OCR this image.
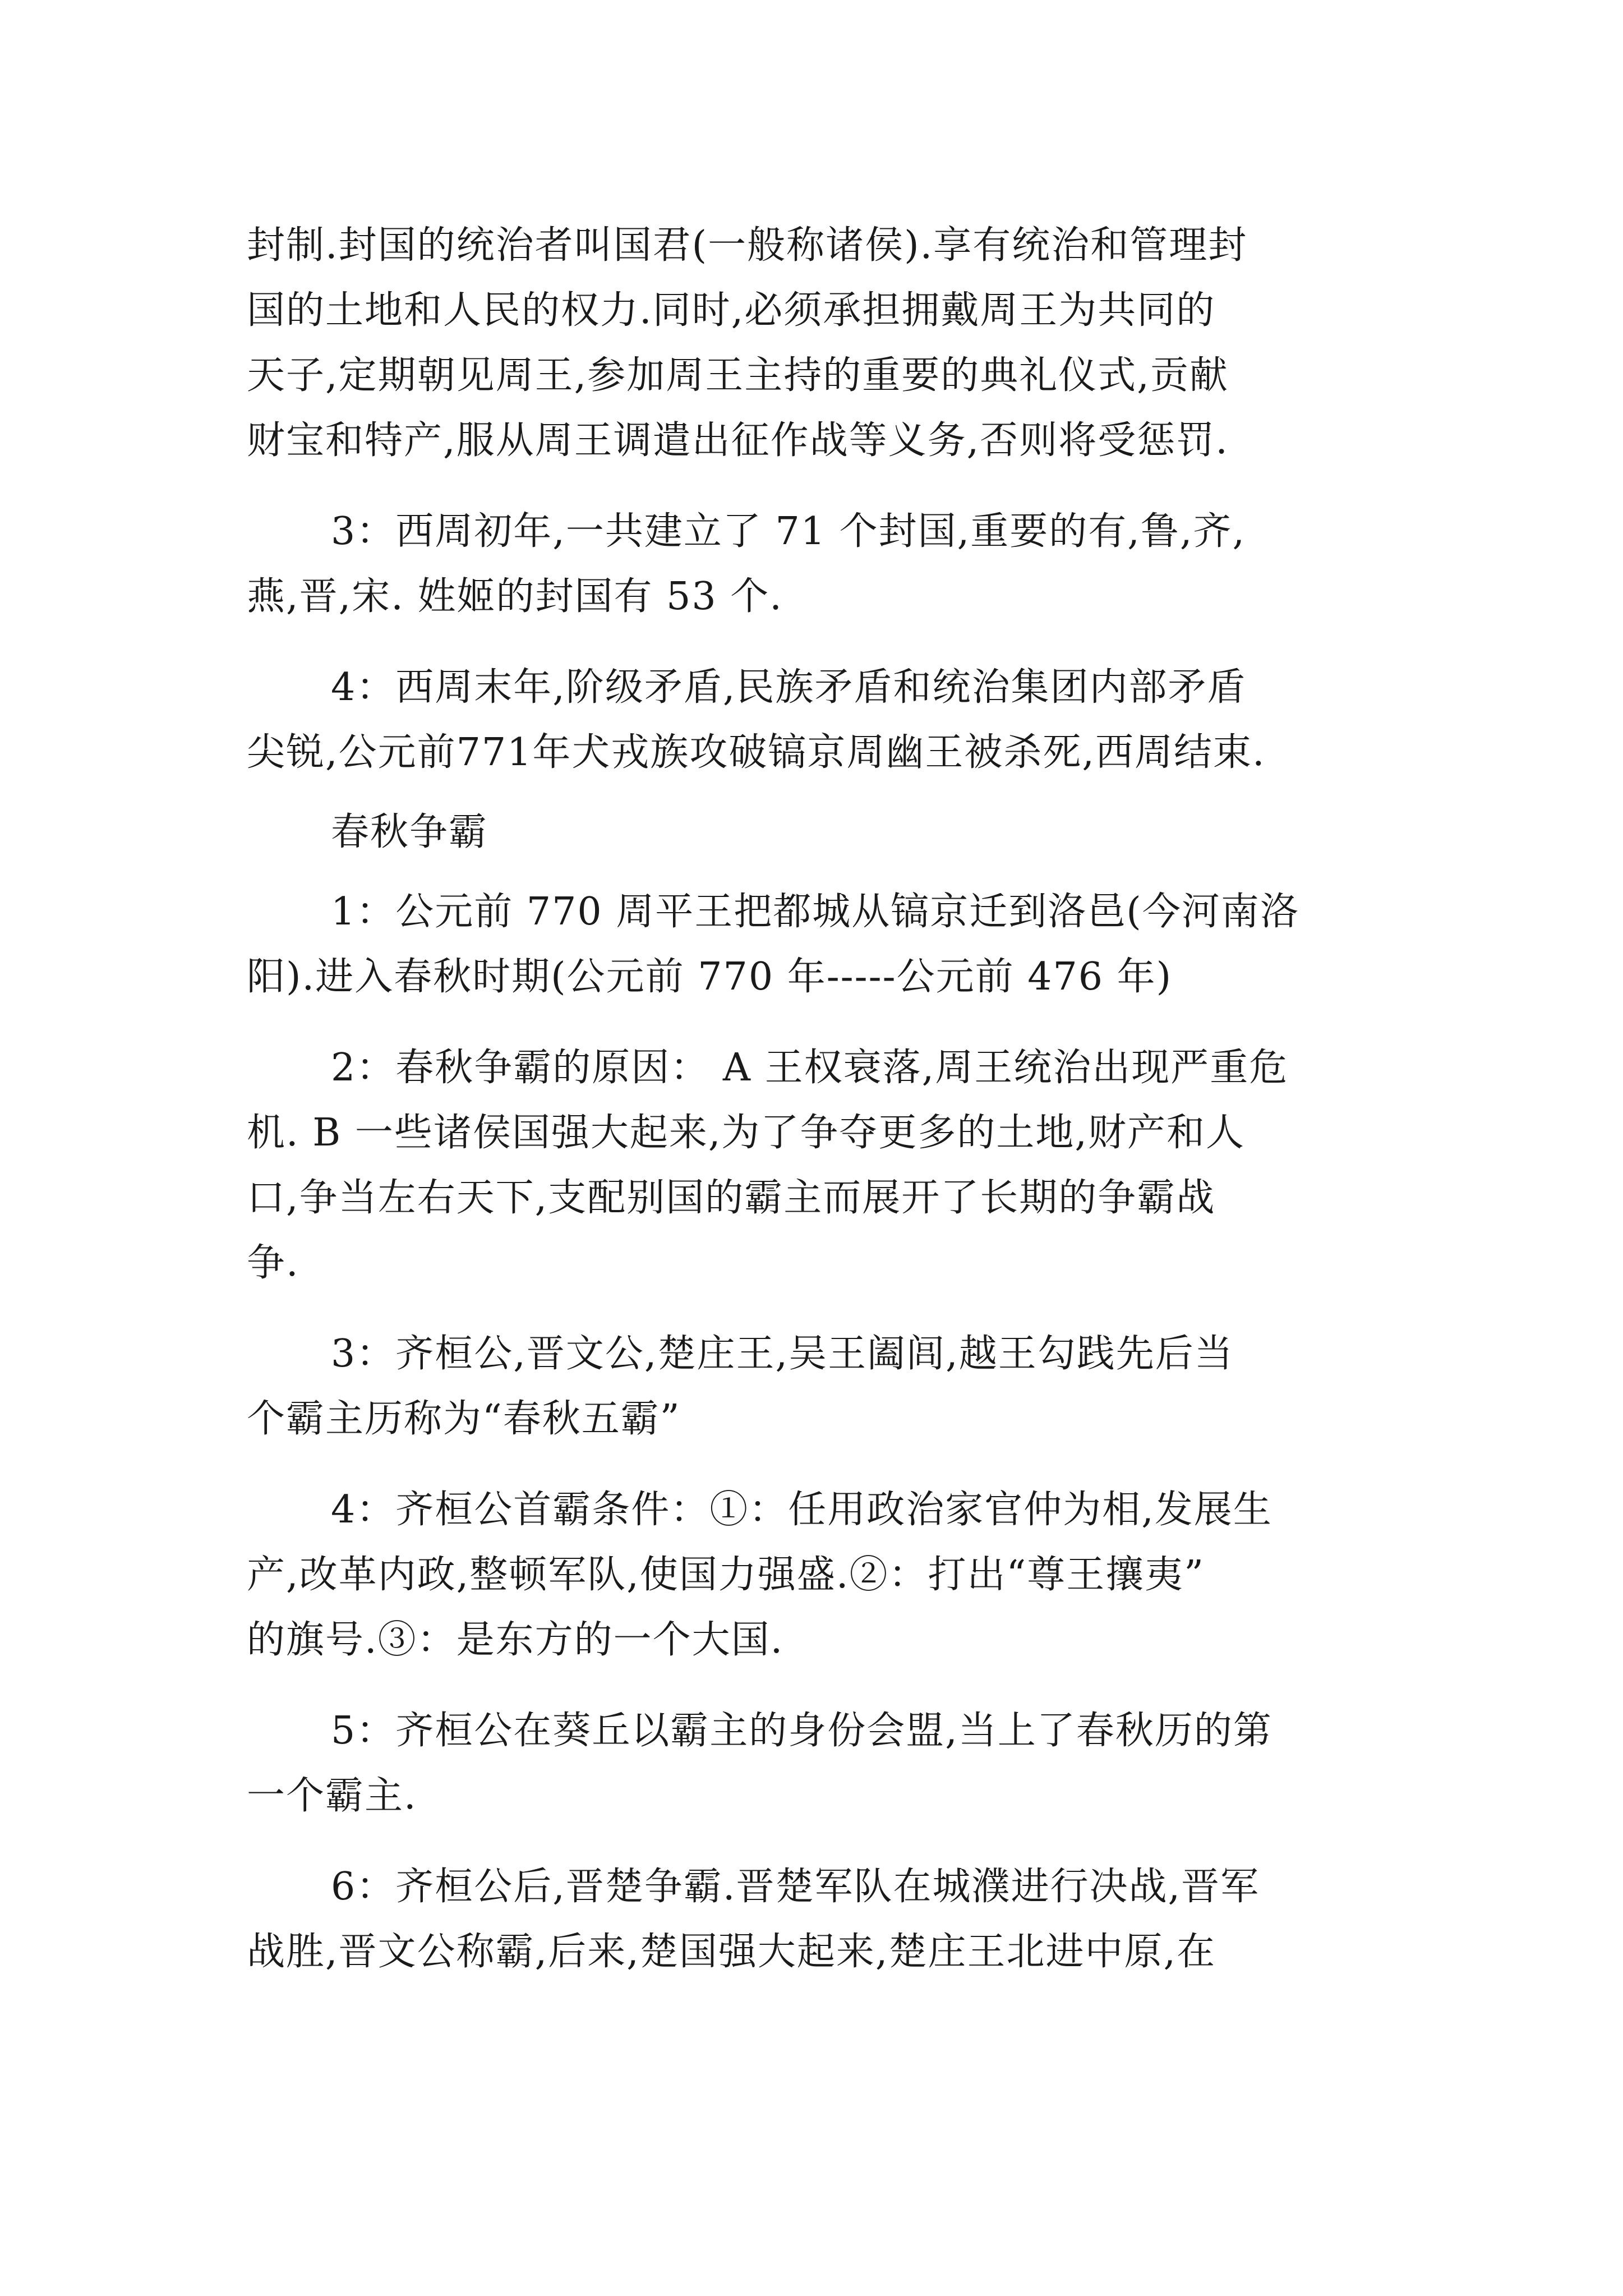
封制.封国的统治者叫国君(一般称诸侯).享有统治和管理封
国的土地和人民的权力.同时,必须承担拥戴周王为共同的
天子,定期朝见周王,参加周王主持的重要的典礼仪式,贡献
财宝和特产,服从周王调遣出征作战等义务,否则将受惩罚.

3：西周初年,一共建立了 71 个封国,重要的有,鲁,齐,
燕,晋,宋. 姓姬的封国有 53 个.

4：西周末年,阶级矛盾,民族矛盾和统治集团内部矛盾
尖锐,公元前771年犬戎族攻破镐京周幽王被杀死,西周结束.

春秋争霸

1：公元前 770 周平王把都城从镐京迁到洛邑(今河南洛
阳).进入春秋时期(公元前 770 年-----公元前 476 年)

2：春秋争霸的原因： A 王权衰落,周王统治出现严重危
机. B 一些诸侯国强大起来,为了争夺更多的土地,财产和人
口,争当左右天下,支配别国的霸主而展开了长期的争霸战
争.

3：齐桓公,晋文公,楚庄王,吴王阖闾,越王勾践先后当
个霸主历称为“春秋五霸”

4：齐桓公首霸条件：①：任用政治家官仲为相,发展生
产,改革内政,整顿军队,使国力强盛.②：打出“尊王攘夷”
的旗号.③：是东方的一个大国.

5：齐桓公在葵丘以霸主的身份会盟,当上了春秋历的第
一个霸主.

6：齐桓公后,晋楚争霸.晋楚军队在城濮进行决战,晋军
战胜,晋文公称霸,后来,楚国强大起来,楚庄王北进中原,在
